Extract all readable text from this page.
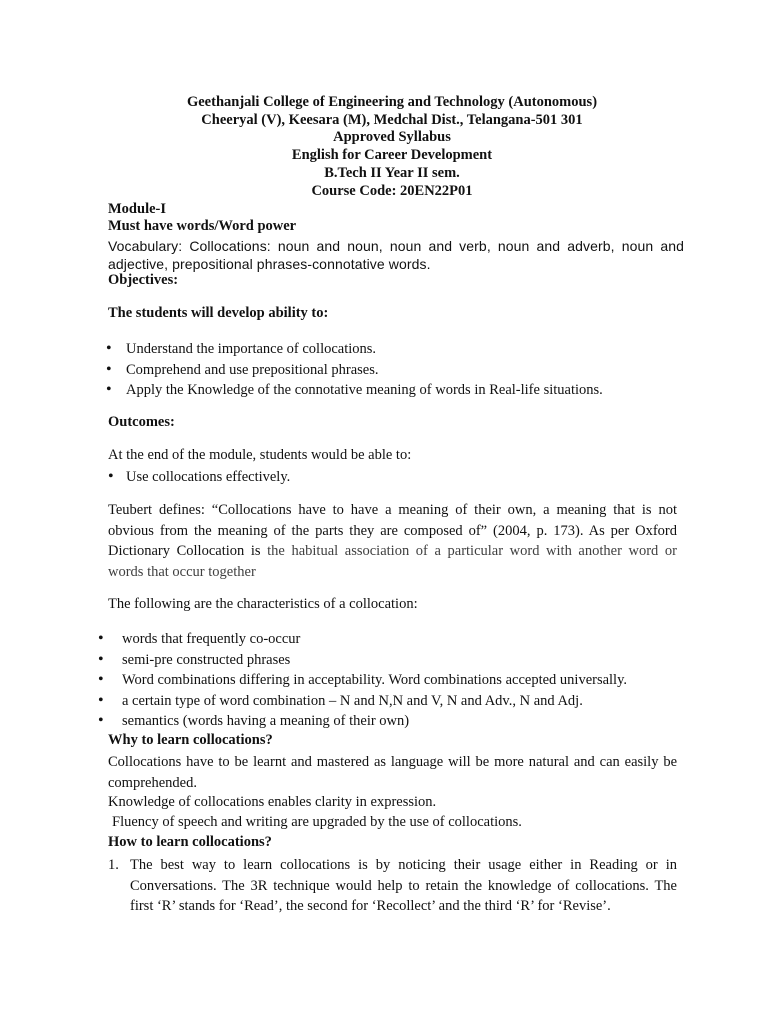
Geethanjali College of Engineering and Technology (Autonomous)
Cheeryal (V), Keesara (M), Medchal Dist., Telangana-501 301
Approved Syllabus
English for Career Development
B.Tech II Year II sem.
Course Code: 20EN22P01
Module-I
Must have words/Word power
Vocabulary: Collocations: noun and noun, noun and verb, noun and adverb, noun and adjective, prepositional phrases-connotative words.
Objectives:
The students will develop ability to:
• Understand the importance of collocations.
• Comprehend and use prepositional phrases.
• Apply the Knowledge of the connotative meaning of words in Real-life situations.
Outcomes:
At the end of the module, students would be able to:
• Use collocations effectively.

Teubert defines: “Collocations have to have a meaning of their own, a meaning that is not obvious from the meaning of the parts they are composed of” (2004, p. 173). As per Oxford Dictionary Collocation is the habitual association of a particular word with another word or words that occur together

The following are the characteristics of a collocation:
• words that frequently co-occur
• semi-pre constructed phrases
• Word combinations differing in acceptability. Word combinations accepted universally.
• a certain type of word combination – N and N,N and V, N and Adv., N and Adj.
• semantics (words having a meaning of their own)
Why to learn collocations?

Collocations have to be learnt and mastered as language will be more natural and can easily be comprehended.

Knowledge of collocations enables clarity in expression.
Fluency of speech and writing are upgraded by the use of collocations.
How to learn collocations?
1. The best way to learn collocations is by noticing their usage either in Reading or in Conversations. The 3R technique would help to retain the knowledge of collocations. The first ‘R’ stands for ‘Read’, the second for ‘Recollect’ and the third ‘R’ for ‘Revise’.
